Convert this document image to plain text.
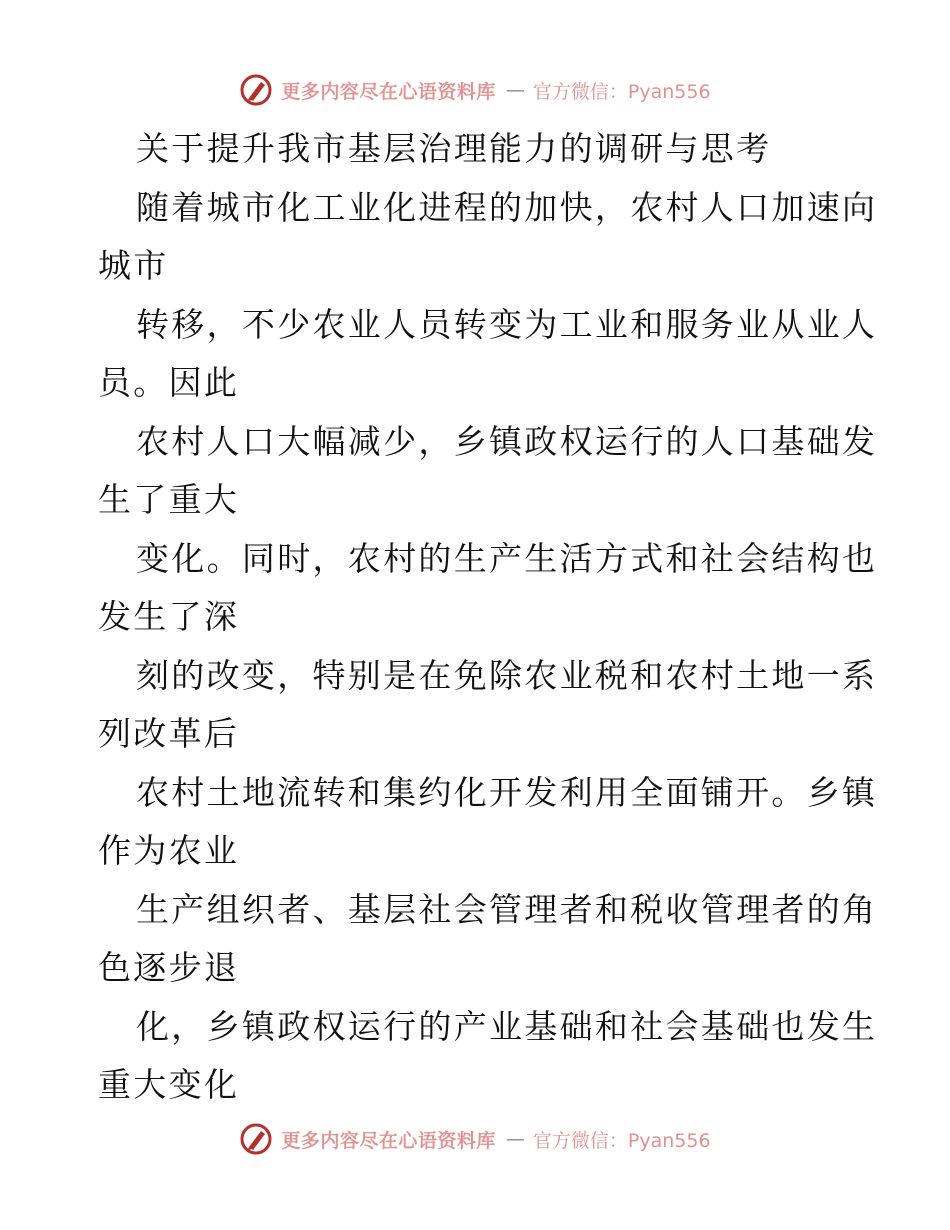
更多内容尽在心语资料库 — 官方微信：Pyan556
关于提升我市基层治理能力的调研与思考
随着城市化工业化进程的加快，农村人口加速向
城市
转移，不少农业人员转变为工业和服务业从业人
员。因此
农村人口大幅减少，乡镇政权运行的人口基础发
生了重大
变化。同时，农村的生产生活方式和社会结构也
发生了深
刻的改变，特别是在免除农业税和农村土地一系
列改革后
农村土地流转和集约化开发利用全面铺开。乡镇
作为农业
生产组织者、基层社会管理者和税收管理者的角
色逐步退
化，乡镇政权运行的产业基础和社会基础也发生
重大变化
更多内容尽在心语资料库 — 官方微信：Pyan556
